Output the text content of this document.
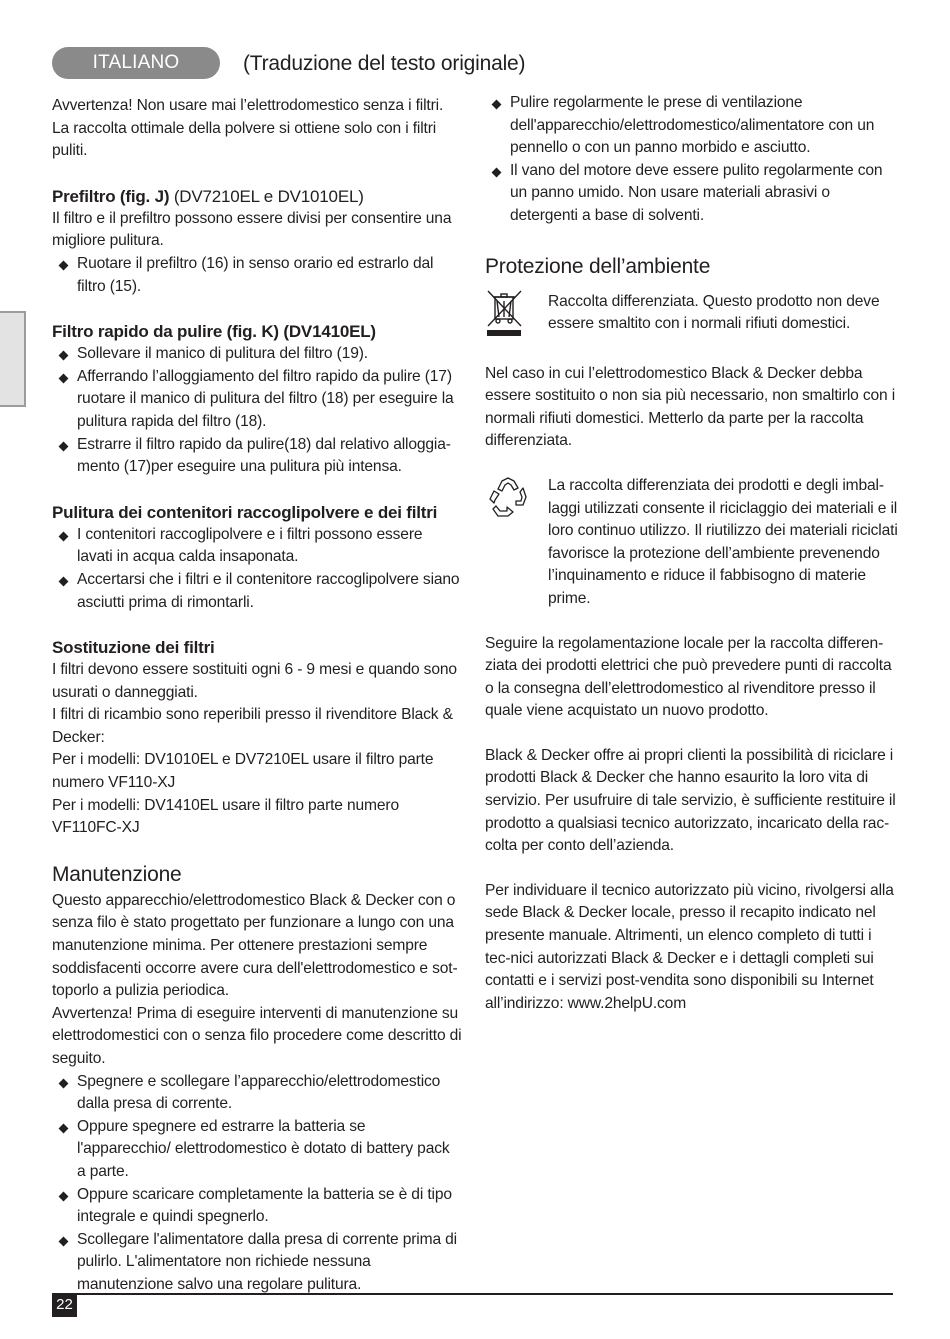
ITALIANO	(Traduzione del testo originale)

Avvertenza! Non usare mai l’elettrodomestico senza i filtri. La raccolta ottimale della polvere si ottiene solo con i filtri puliti.

Prefiltro (fig. J) (DV7210EL e DV1010EL)

Il filtro e il prefiltro possono essere divisi per consentire una migliore pulitura.

Ruotare il prefiltro (16) in senso orario ed estrarlo dal filtro (15).
Filtro rapido da pulire (fig. K) (DV1410EL)
Sollevare il manico di pulitura del filtro (19).
Afferrando l’alloggiamento del filtro rapido da pulire (17) ruotare il manico di pulitura del filtro (18) per eseguire la pulitura rapida del filtro (18).
Estrarre il filtro rapido da pulire(18) dal relativo alloggia-mento (17)per eseguire una pulitura più intensa.
Pulitura dei contenitori raccoglipolvere e dei filtri
I contenitori raccoglipolvere e i filtri possono essere lavati in acqua calda insaponata.
Accertarsi che i filtri e il contenitore raccoglipolvere siano asciutti prima di rimontarli.
Sostituzione dei filtri

I filtri devono essere sostituiti ogni 6 - 9 mesi e quando sono usurati o danneggiati.

I filtri di ricambio sono reperibili presso il rivenditore Black & Decker:

Per i modelli: DV1010EL e DV7210EL usare il filtro parte numero VF110-XJ

Per i modelli: DV1410EL usare il filtro parte numero VF110FC-XJ

Manutenzione

Questo apparecchio/elettrodomestico Black & Decker con o senza filo è stato progettato per funzionare a lungo con una manutenzione minima. Per ottenere prestazioni sempre soddisfacenti occorre avere cura dell'elettrodomestico e sot-toporlo a pulizia periodica.

Avvertenza! Prima di eseguire interventi di manutenzione su elettrodomestici con o senza filo procedere come descritto di seguito.

Spegnere e scollegare l’apparecchio/elettrodomestico dalla presa di corrente.
Oppure spegnere ed estrarre la batteria se l'apparecchio/ elettrodomestico è dotato di battery pack a parte.
Oppure scaricare completamente la batteria se è di tipo integrale e quindi spegnerlo.
Scollegare l'alimentatore dalla presa di corrente prima di pulirlo. L'alimentatore non richiede nessuna manutenzione salvo una regolare pulitura.
Pulire regolarmente le prese di ventilazione dell'apparecchio/elettrodomestico/alimentatore con un pennello o con un panno morbido e asciutto.
Il vano del motore deve essere pulito regolarmente con un panno umido. Non usare materiali abrasivi o detergenti a base di solventi.
Protezione dell’ambiente

Raccolta differenziata. Questo prodotto non deve essere smaltito con i normali rifiuti domestici.

Nel caso in cui l’elettrodomestico Black & Decker debba essere sostituito o non sia più necessario, non smaltirlo con i normali rifiuti domestici. Metterlo da parte per la raccolta differenziata.

La raccolta differenziata dei prodotti e degli imbal-laggi utilizzati consente il riciclaggio dei materiali e il loro continuo utilizzo. Il riutilizzo dei materiali riciclati favorisce la protezione dell’ambiente prevenendo l’inquinamento e riduce il fabbisogno di materie prime.

Seguire la regolamentazione locale per la raccolta differen-ziata dei prodotti elettrici che può prevedere punti di raccolta o la consegna dell’elettrodomestico al rivenditore presso il quale viene acquistato un nuovo prodotto.

Black & Decker offre ai propri clienti la possibilità di riciclare i prodotti Black & Decker che hanno esaurito la loro vita di servizio. Per usufruire di tale servizio, è sufficiente restituire il prodotto a qualsiasi tecnico autorizzato, incaricato della rac-colta per conto dell’azienda.

Per individuare il tecnico autorizzato più vicino, rivolgersi alla sede Black & Decker locale, presso il recapito indicato nel presente manuale. Altrimenti, un elenco completo di tutti i tec-nici autorizzati Black & Decker e i dettagli completi sui contatti e i servizi post-vendita sono disponibili su Internet all’indirizzo: www.2helpU.com

22
